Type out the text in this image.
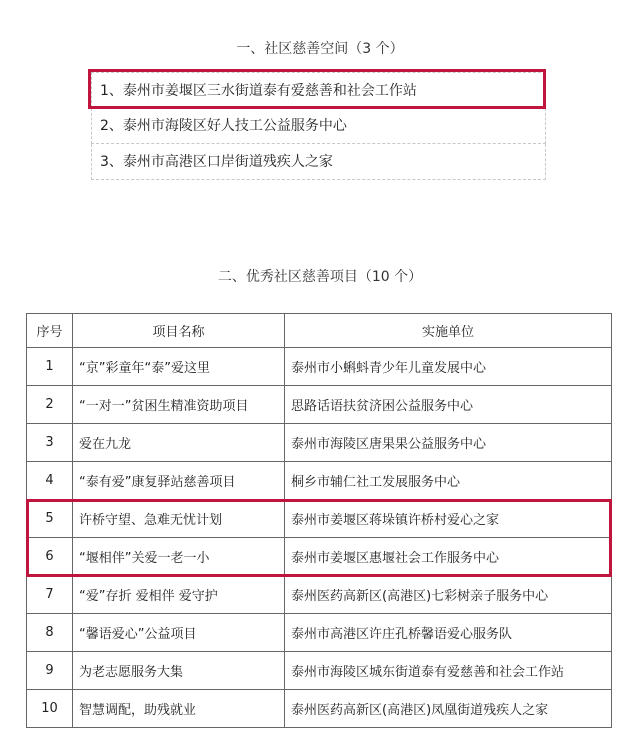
一、社区慈善空间（3 个）
1、泰州市姜堰区三水街道泰有爱慈善和社会工作站
2、泰州市海陵区好人技工公益服务中心
3、泰州市高港区口岸街道残疾人之家
二、优秀社区慈善项目（10 个）
序号	项目名称	实施单位
1	“京”彩童年“泰”爱这里	泰州市小蝌蚪青少年儿童发展中心
2	“一对一”贫困生精准资助项目	思路话语扶贫济困公益服务中心
3	爱在九龙	泰州市海陵区唐果果公益服务中心
4	“泰有爱”康复驿站慈善项目	桐乡市辅仁社工发展服务中心
5	许桥守望、急难无忧计划	泰州市姜堰区蒋垛镇许桥村爱心之家
6	“堰相伴”关爱一老一小	泰州市姜堰区惠堰社会工作服务中心
7	“爱”存折 爱相伴 爱守护	泰州医药高新区(高港区)七彩树亲子服务中心
8	“馨语爱心”公益项目	泰州市高港区许庄孔桥馨语爱心服务队
9	为老志愿服务大集	泰州市海陵区城东街道泰有爱慈善和社会工作站
10	智慧调配，助残就业	泰州医药高新区(高港区)凤凰街道残疾人之家
